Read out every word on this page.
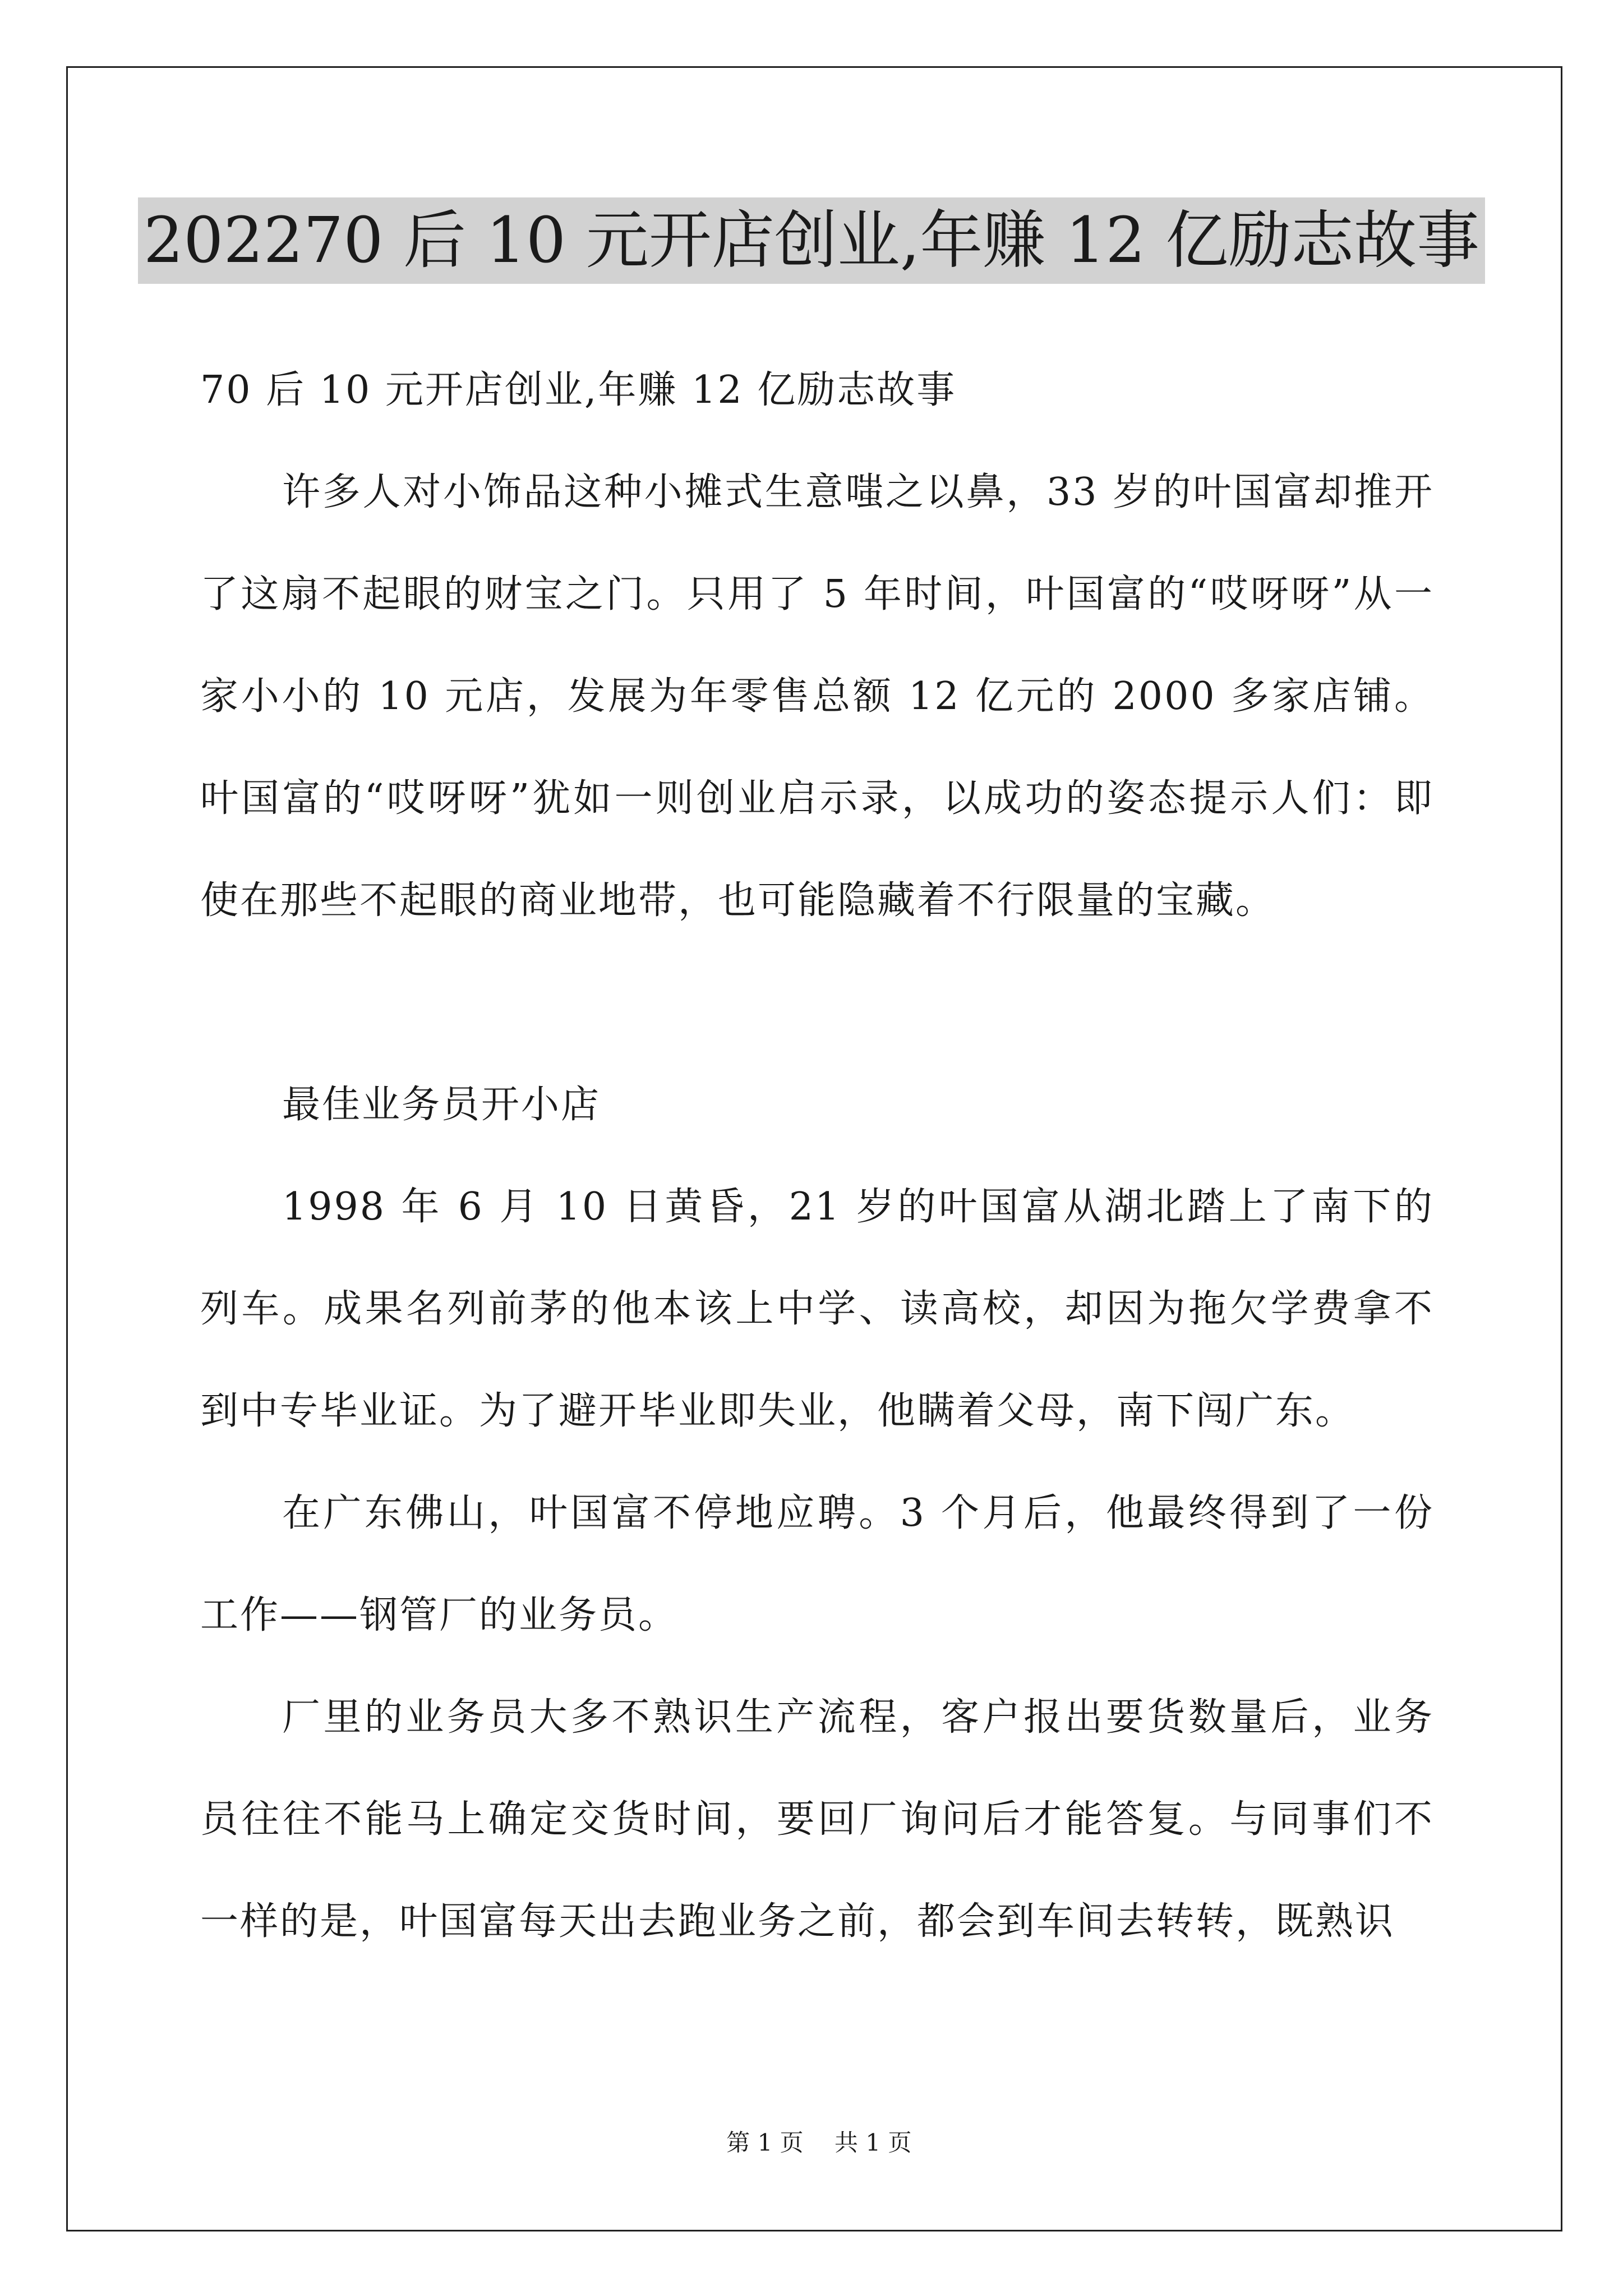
202270 后 10 元开店创业,年赚 12 亿励志故事

70 后 10 元开店创业,年赚 12 亿励志故事

许多人对小饰品这种小摊式生意嗤之以鼻，33 岁的叶国富却推开了这扇不起眼的财宝之门。只用了 5 年时间，叶国富的“哎呀呀”从一家小小的 10 元店，发展为年零售总额 12 亿元的 2000 多家店铺。叶国富的“哎呀呀”犹如一则创业启示录，以成功的姿态提示人们：即使在那些不起眼的商业地带，也可能隐藏着不行限量的宝藏。

最佳业务员开小店

1998 年 6 月 10 日黄昏，21 岁的叶国富从湖北踏上了南下的列车。成果名列前茅的他本该上中学、读高校，却因为拖欠学费拿不到中专毕业证。为了避开毕业即失业，他瞒着父母，南下闯广东。

在广东佛山，叶国富不停地应聘。3 个月后，他最终得到了一份工作——钢管厂的业务员。

厂里的业务员大多不熟识生产流程，客户报出要货数量后，业务员往往不能马上确定交货时间，要回厂询问后才能答复。与同事们不一样的是，叶国富每天出去跑业务之前，都会到车间去转转，既熟识

第 1 页　 共 1 页
